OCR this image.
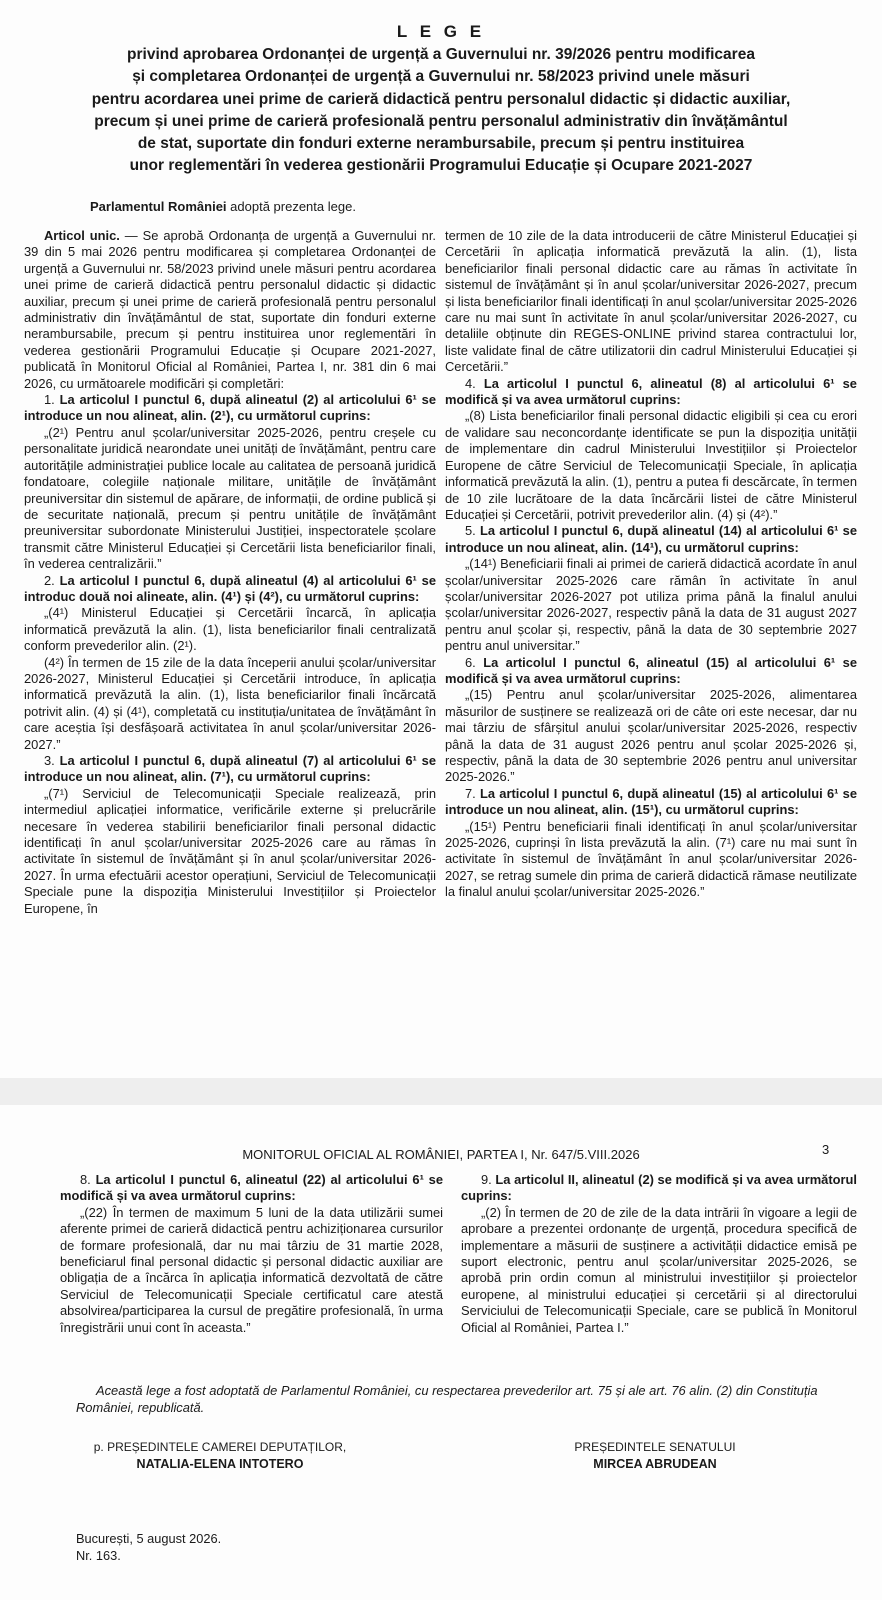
L E G E
privind aprobarea Ordonanței de urgență a Guvernului nr. 39/2026 pentru modificarea
și completarea Ordonanței de urgență a Guvernului nr. 58/2023 privind unele măsuri
pentru acordarea unei prime de carieră didactică pentru personalul didactic și didactic auxiliar,
precum și unei prime de carieră profesională pentru personalul administrativ din învățământul
de stat, suportate din fonduri externe nerambursabile, precum și pentru instituirea
unor reglementări în vederea gestionării Programului Educație și Ocupare 2021-2027
Parlamentul României adoptă prezenta lege.

Articol unic. — Se aprobă Ordonanța de urgență a Guvernului nr. 39 din 5 mai 2026 pentru modificarea și completarea Ordonanței de urgență a Guvernului nr. 58/2023 privind unele măsuri pentru acordarea unei prime de carieră didactică pentru personalul didactic și didactic auxiliar, precum și unei prime de carieră profesională pentru personalul administrativ din învățământul de stat, suportate din fonduri externe nerambursabile, precum și pentru instituirea unor reglementări în vederea gestionării Programului Educație și Ocupare 2021-2027, publicată în Monitorul Oficial al României, Partea I, nr. 381 din 6 mai 2026, cu următoarele modificări și completări:

1. La articolul I punctul 6, după alineatul (2) al articolului 6¹ se introduce un nou alineat, alin. (2¹), cu următorul cuprins:

„(2¹) Pentru anul școlar/universitar 2025-2026, pentru creșele cu personalitate juridică nearondate unei unități de învățământ, pentru care autoritățile administrației publice locale au calitatea de persoană juridică fondatoare, colegiile naționale militare, unitățile de învățământ preuniversitar din sistemul de apărare, de informații, de ordine publică și de securitate națională, precum și pentru unitățile de învățământ preuniversitar subordonate Ministerului Justiției, inspectoratele școlare transmit către Ministerul Educației și Cercetării lista beneficiarilor finali, în vederea centralizării.”

2. La articolul I punctul 6, după alineatul (4) al articolului 6¹ se introduc două noi alineate, alin. (4¹) și (4²), cu următorul cuprins:

„(4¹) Ministerul Educației și Cercetării încarcă, în aplicația informatică prevăzută la alin. (1), lista beneficiarilor finali centralizată conform prevederilor alin. (2¹).

(4²) În termen de 15 zile de la data începerii anului școlar/universitar 2026-2027, Ministerul Educației și Cercetării introduce, în aplicația informatică prevăzută la alin. (1), lista beneficiarilor finali încărcată potrivit alin. (4) și (4¹), completată cu instituția/unitatea de învățământ în care aceștia își desfășoară activitatea în anul școlar/universitar 2026-2027.”

3. La articolul I punctul 6, după alineatul (7) al articolului 6¹ se introduce un nou alineat, alin. (7¹), cu următorul cuprins:

„(7¹) Serviciul de Telecomunicații Speciale realizează, prin intermediul aplicației informatice, verificările externe și prelucrările necesare în vederea stabilirii beneficiarilor finali personal didactic identificați în anul școlar/universitar 2025-2026 care au rămas în activitate în sistemul de învățământ și în anul școlar/universitar 2026-2027. În urma efectuării acestor operațiuni, Serviciul de Telecomunicații Speciale pune la dispoziția Ministerului Investițiilor și Proiectelor Europene, în

termen de 10 zile de la data introducerii de către Ministerul Educației și Cercetării în aplicația informatică prevăzută la alin. (1), lista beneficiarilor finali personal didactic care au rămas în activitate în sistemul de învățământ și în anul școlar/universitar 2026-2027, precum și lista beneficiarilor finali identificați în anul școlar/universitar 2025-2026 care nu mai sunt în activitate în anul școlar/universitar 2026-2027, cu detaliile obținute din REGES-ONLINE privind starea contractului lor, liste validate final de către utilizatorii din cadrul Ministerului Educației și Cercetării.”

4. La articolul I punctul 6, alineatul (8) al articolului 6¹ se modifică și va avea următorul cuprins:

„(8) Lista beneficiarilor finali personal didactic eligibili și cea cu erori de validare sau neconcordanțe identificate se pun la dispoziția unității de implementare din cadrul Ministerului Investițiilor și Proiectelor Europene de către Serviciul de Telecomunicații Speciale, în aplicația informatică prevăzută la alin. (1), pentru a putea fi descărcate, în termen de 10 zile lucrătoare de la data încărcării listei de către Ministerul Educației și Cercetării, potrivit prevederilor alin. (4) și (4²).”

5. La articolul I punctul 6, după alineatul (14) al articolului 6¹ se introduce un nou alineat, alin. (14¹), cu următorul cuprins:

„(14¹) Beneficiarii finali ai primei de carieră didactică acordate în anul școlar/universitar 2025-2026 care rămân în activitate în anul școlar/universitar 2026-2027 pot utiliza prima până la finalul anului școlar/universitar 2026-2027, respectiv până la data de 31 august 2027 pentru anul școlar și, respectiv, până la data de 30 septembrie 2027 pentru anul universitar.”

6. La articolul I punctul 6, alineatul (15) al articolului 6¹ se modifică și va avea următorul cuprins:

„(15) Pentru anul școlar/universitar 2025-2026, alimentarea măsurilor de susținere se realizează ori de câte ori este necesar, dar nu mai târziu de sfârșitul anului școlar/universitar 2025-2026, respectiv până la data de 31 august 2026 pentru anul școlar 2025-2026 și, respectiv, până la data de 30 septembrie 2026 pentru anul universitar 2025-2026.”

7. La articolul I punctul 6, după alineatul (15) al articolului 6¹ se introduce un nou alineat, alin. (15¹), cu următorul cuprins:

„(15¹) Pentru beneficiarii finali identificați în anul școlar/universitar 2025-2026, cuprinși în lista prevăzută la alin. (7¹) care nu mai sunt în activitate în sistemul de învățământ în anul școlar/universitar 2026-2027, se retrag sumele din prima de carieră didactică rămase neutilizate la finalul anului școlar/universitar 2025-2026.”

MONITORUL OFICIAL AL ROMÂNIEI, PARTEA I, Nr. 647/5.VIII.2026	3

8. La articolul I punctul 6, alineatul (22) al articolului 6¹ se modifică și va avea următorul cuprins:

„(22) În termen de maximum 5 luni de la data utilizării sumei aferente primei de carieră didactică pentru achiziționarea cursurilor de formare profesională, dar nu mai târziu de 31 martie 2028, beneficiarul final personal didactic și personal didactic auxiliar are obligația de a încărca în aplicația informatică dezvoltată de către Serviciul de Telecomunicații Speciale certificatul care atestă absolvirea/participarea la cursul de pregătire profesională, în urma înregistrării unui cont în aceasta.”

9. La articolul II, alineatul (2) se modifică și va avea următorul cuprins:

„(2) În termen de 20 de zile de la data intrării în vigoare a legii de aprobare a prezentei ordonanțe de urgență, procedura specifică de implementare a măsurii de susținere a activității didactice emisă pe suport electronic, pentru anul școlar/universitar 2025-2026, se aprobă prin ordin comun al ministrului investițiilor și proiectelor europene, al ministrului educației și cercetării și al directorului Serviciului de Telecomunicații Speciale, care se publică în Monitorul Oficial al României, Partea I.”

Această lege a fost adoptată de Parlamentul României, cu respectarea prevederilor art. 75 și ale art. 76 alin. (2) din Constituția României, republicată.
p. PREȘEDINTELE CAMEREI DEPUTAȚILOR,
NATALIA-ELENA INTOTERO
PREȘEDINTELE SENATULUI
MIRCEA ABRUDEAN
București, 5 august 2026.
Nr. 163.
